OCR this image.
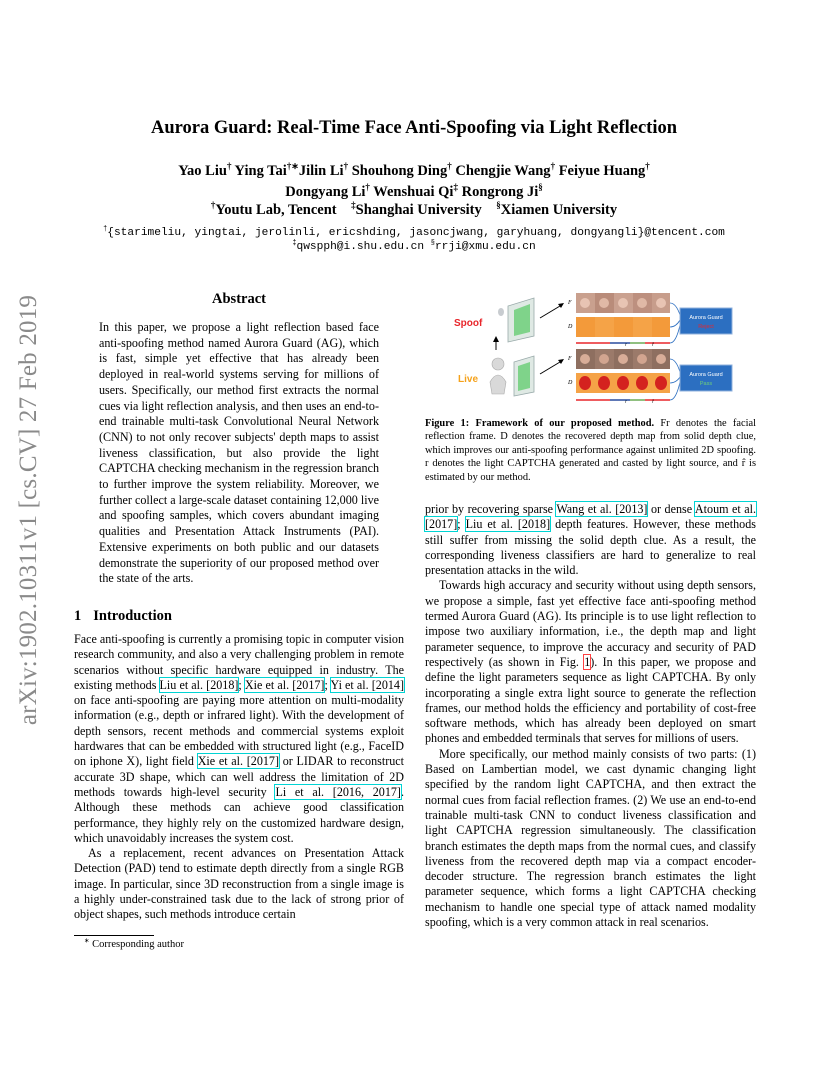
arXiv:1902.10311v1 [cs.CV] 27 Feb 2019
Aurora Guard: Real-Time Face Anti-Spoofing via Light Reflection
Yao Liu† Ying Tai†∗Jilin Li† Shouhong Ding† Chengjie Wang† Feiyue Huang†
Dongyang Li† Wenshuai Qi‡ Rongrong Ji§
†Youtu Lab, Tencent ‡Shanghai University §Xiamen University
†{starimeliu, yingtai, jerolinli, ericshding, jasoncjwang, garyhuang, dongyangli}@tencent.com
‡qwspph@i.shu.edu.cn §rrji@xmu.edu.cn
Abstract
In this paper, we propose a light reflection based face anti-spoofing method named Aurora Guard (AG), which is fast, simple yet effective that has already been deployed in real-world systems serving for millions of users. Specifically, our method first extracts the normal cues via light reflection analysis, and then uses an end-to-end trainable multi-task Convolutional Neural Network (CNN) to not only recover subjects' depth maps to assist liveness classification, but also provide the light CAPTCHA checking mechanism in the regression branch to further improve the system reliability. Moreover, we further collect a large-scale dataset containing 12,000 live and spoofing samples, which covers abundant imaging qualities and Presentation Attack Instruments (PAI). Extensive experiments on both public and our datasets demonstrate the superiority of our proposed method over the state of the arts.
1 Introduction

Face anti-spoofing is currently a promising topic in computer vision research community, and also a very challenging problem in remote scenarios without specific hardware equipped in industry. The existing methods Liu et al. [2018]; Xie et al. [2017]; Yi et al. [2014] on face anti-spoofing are paying more attention on multi-modality information (e.g., depth or infrared light). With the development of depth sensors, recent methods and commercial systems exploit hardwares that can be embedded with structured light (e.g., FaceID on iphone X), light field Xie et al. [2017] or LIDAR to reconstruct accurate 3D shape, which can well address the limitation of 2D methods towards high-level security Li et al. [2016, 2017]. Although these methods can achieve good classification performance, they highly rely on the customized hardware design, which unavoidably increases the system cost.

As a replacement, recent advances on Presentation Attack Detection (PAD) tend to estimate depth directly from a single RGB image. In particular, since 3D reconstruction from a single image is a highly under-constrained task due to the lack of strong prior of object shapes, such methods introduce certain

∗ Corresponding author
Spoof
Live
F
D
r	r̂
F
D
r	r̂
Aurora Guard
Reject
Aurora Guard
Pass
Figure 1: Framework of our proposed method. Fr denotes the facial reflection frame. D denotes the recovered depth map from solid depth clue, which improves our anti-spoofing performance against unlimited 2D spoofing. r denotes the light CAPTCHA generated and casted by light source, and r̂ is estimated by our method.

prior by recovering sparse Wang et al. [2013] or dense Atoum et al. [2017]; Liu et al. [2018] depth features. However, these methods still suffer from missing the solid depth clue. As a result, the corresponding liveness classifiers are hard to generalize to real presentation attacks in the wild.

Towards high accuracy and security without using depth sensors, we propose a simple, fast yet effective face anti-spoofing method termed Aurora Guard (AG). Its principle is to use light reflection to impose two auxiliary information, i.e., the depth map and light parameter sequence, to improve the accuracy and security of PAD respectively (as shown in Fig. 1). In this paper, we propose and define the light parameters sequence as light CAPTCHA. By only incorporating a single extra light source to generate the reflection frames, our method holds the efficiency and portability of cost-free software methods, which has already been deployed on smart phones and embedded terminals that serves for millions of users.

More specifically, our method mainly consists of two parts: (1) Based on Lambertian model, we cast dynamic changing light specified by the random light CAPTCHA, and then extract the normal cues from facial reflection frames. (2) We use an end-to-end trainable multi-task CNN to conduct liveness classification and light CAPTCHA regression simultaneously. The classification branch estimates the depth maps from the normal cues, and classify liveness from the recovered depth map via a compact encoder-decoder structure. The regression branch estimates the light parameter sequence, which forms a light CAPTCHA checking mechanism to handle one special type of attack named modality spoofing, which is a very common attack in real scenarios.
